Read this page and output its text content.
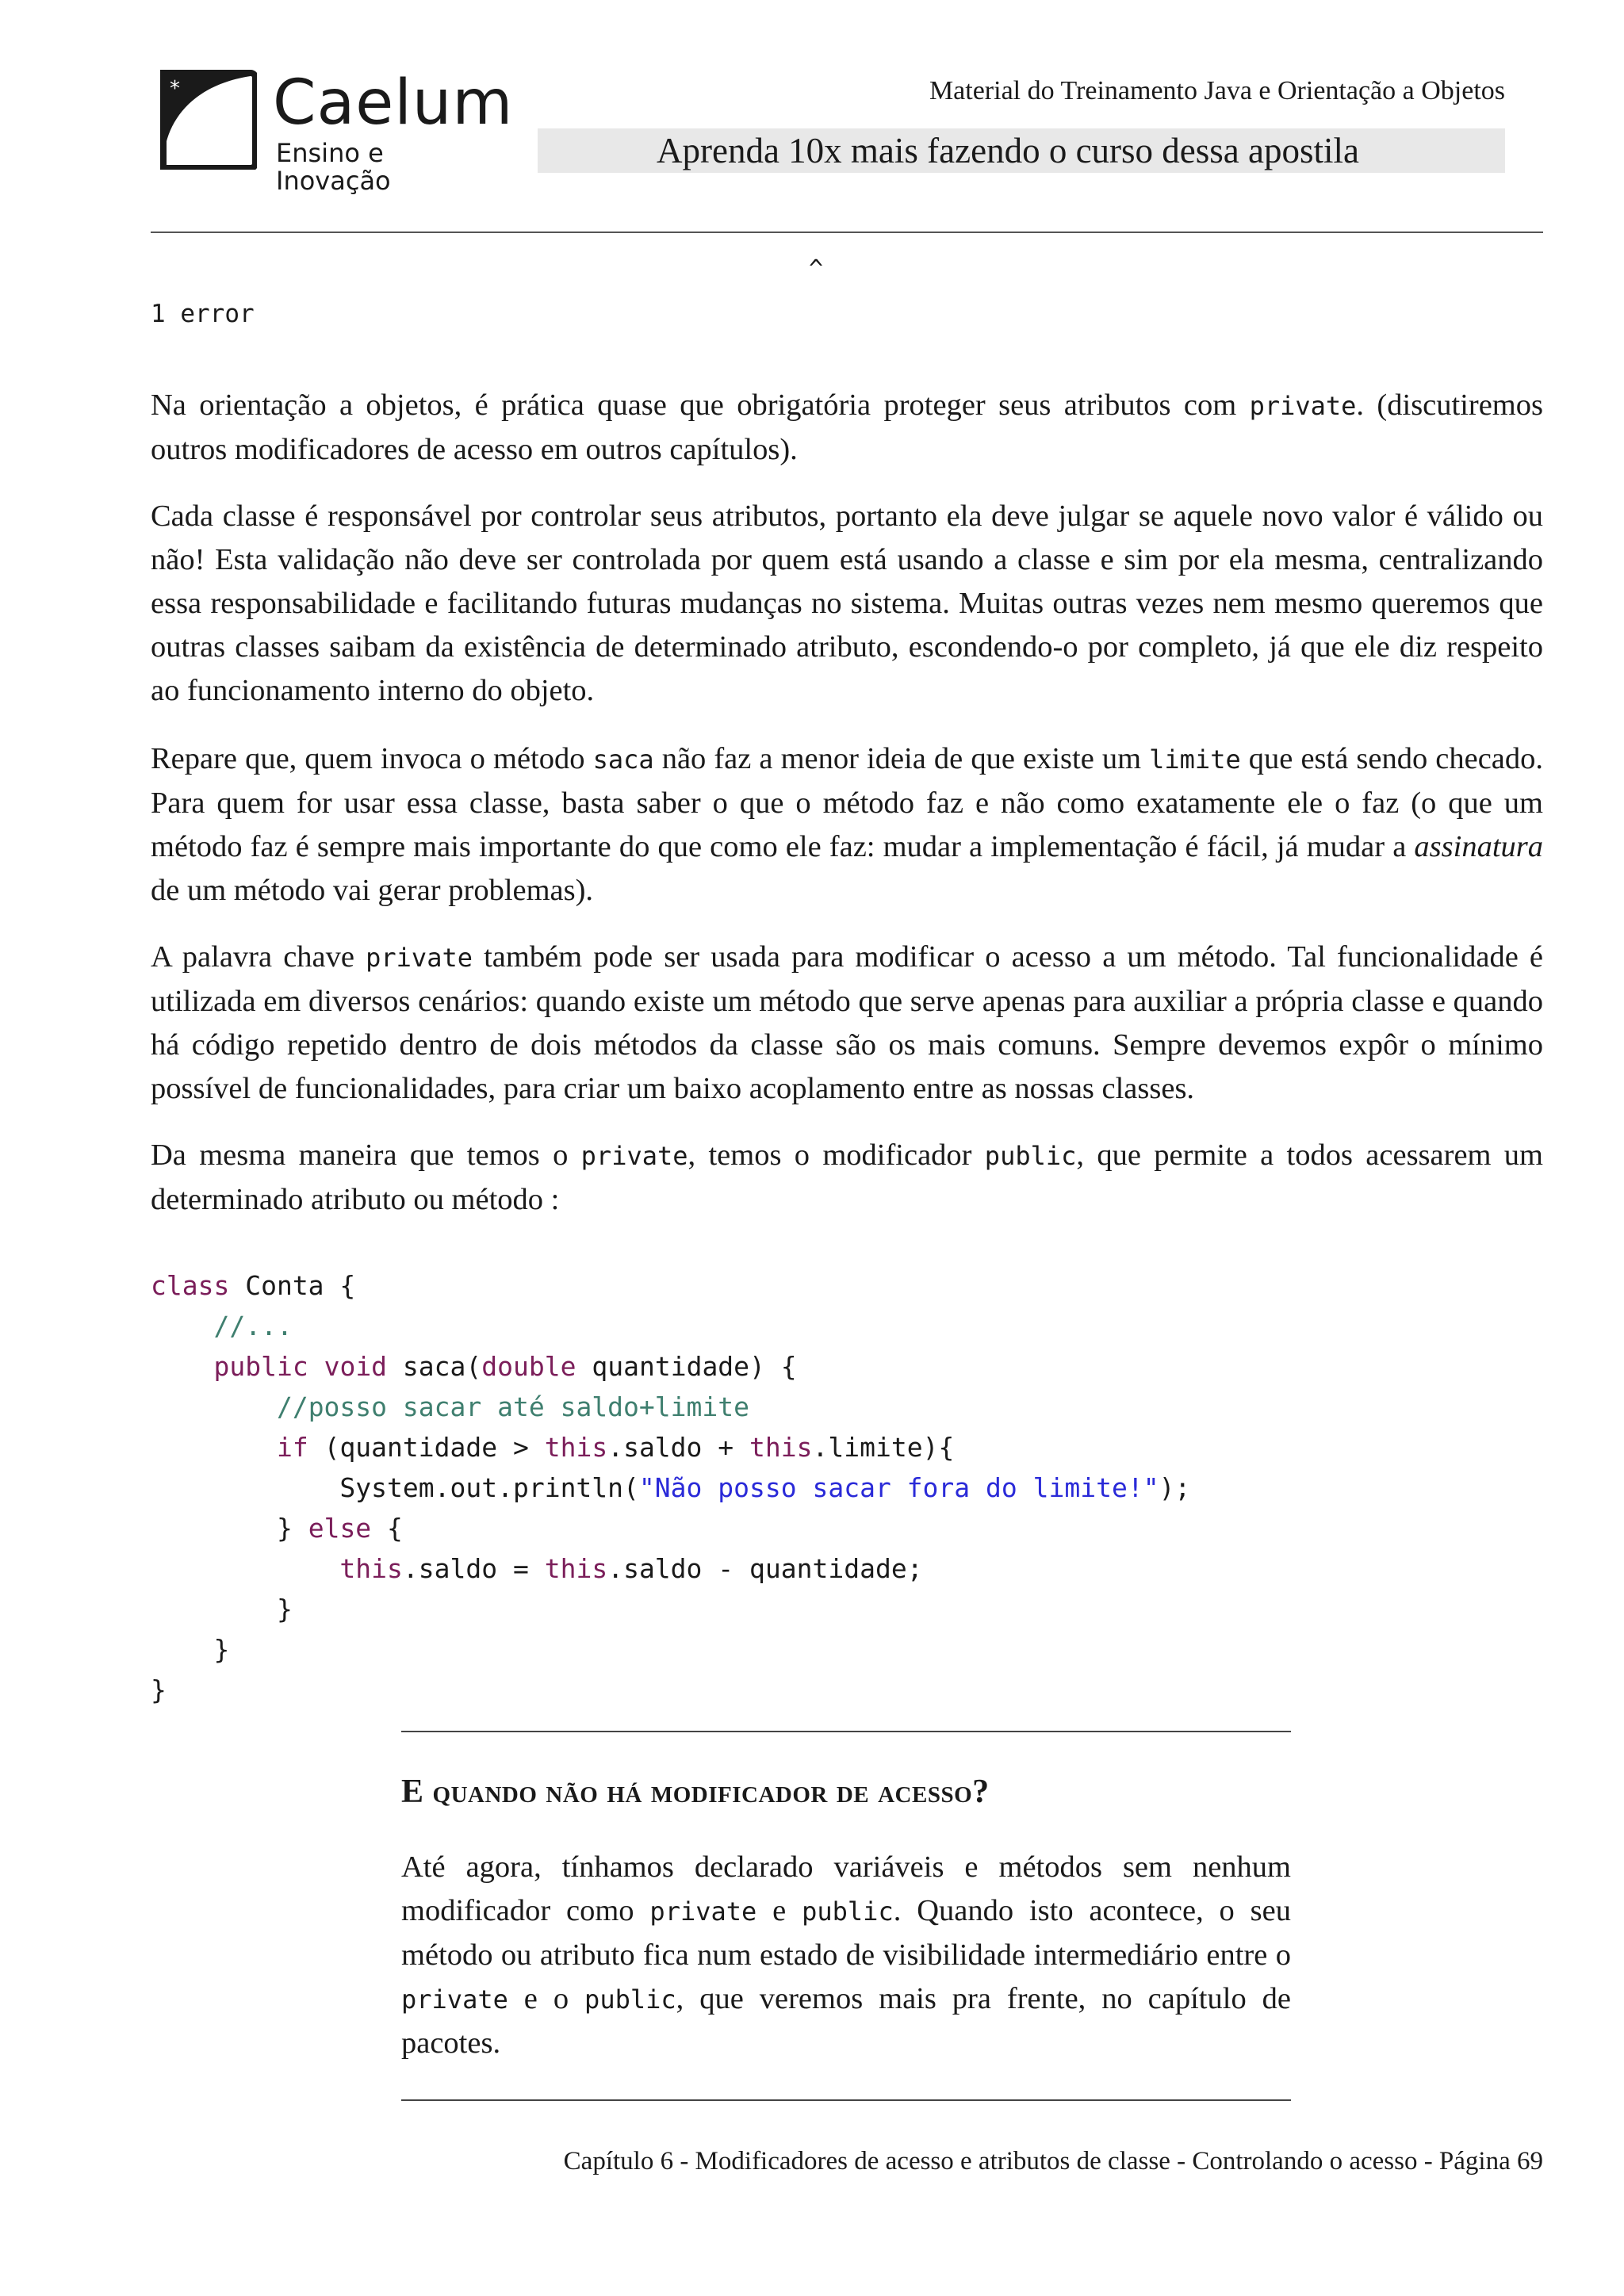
* Caelum
Ensino e Inovação
Material do Treinamento Java e Orientação a Objetos
Aprenda 10x mais fazendo o curso dessa apostila
^
1 error

Na orientação a objetos, é prática quase que obrigatória proteger seus atributos com private. (discutiremos outros modificadores de acesso em outros capítulos).

Cada classe é responsável por controlar seus atributos, portanto ela deve julgar se aquele novo valor é válido ou não! Esta validação não deve ser controlada por quem está usando a classe e sim por ela mesma, centralizando essa responsabilidade e facilitando futuras mudanças no sistema. Muitas outras vezes nem mesmo queremos que outras classes saibam da existência de determinado atributo, escondendo-o por completo, já que ele diz respeito ao funcionamento interno do objeto.

Repare que, quem invoca o método saca não faz a menor ideia de que existe um limite que está sendo checado. Para quem for usar essa classe, basta saber o que o método faz e não como exatamente ele o faz (o que um método faz é sempre mais importante do que como ele faz: mudar a implementação é fácil, já mudar a assinatura de um método vai gerar problemas).

A palavra chave private também pode ser usada para modificar o acesso a um método. Tal funcionalidade é utilizada em diversos cenários: quando existe um método que serve apenas para auxiliar a própria classe e quando há código repetido dentro de dois métodos da classe são os mais comuns. Sempre devemos expôr o mínimo possível de funcionalidades, para criar um baixo acoplamento entre as nossas classes.

Da mesma maneira que temos o private, temos o modificador public, que permite a todos acessarem um determinado atributo ou método :

class Conta {
//...
public void saca(double quantidade) {
//posso sacar até saldo+limite
if (quantidade > this.saldo + this.limite){
System.out.println("Não posso sacar fora do limite!");
} else {
this.saldo = this.saldo - quantidade;
}
}
}
E quando não há modificador de acesso?

Até agora, tínhamos declarado variáveis e métodos sem nenhum modificador como private e public. Quando isto acontece, o seu método ou atributo fica num estado de visibilidade intermediário entre o private e o public, que veremos mais pra frente, no capítulo de pacotes.

Capítulo 6 - Modificadores de acesso e atributos de classe - Controlando o acesso - Página 69
